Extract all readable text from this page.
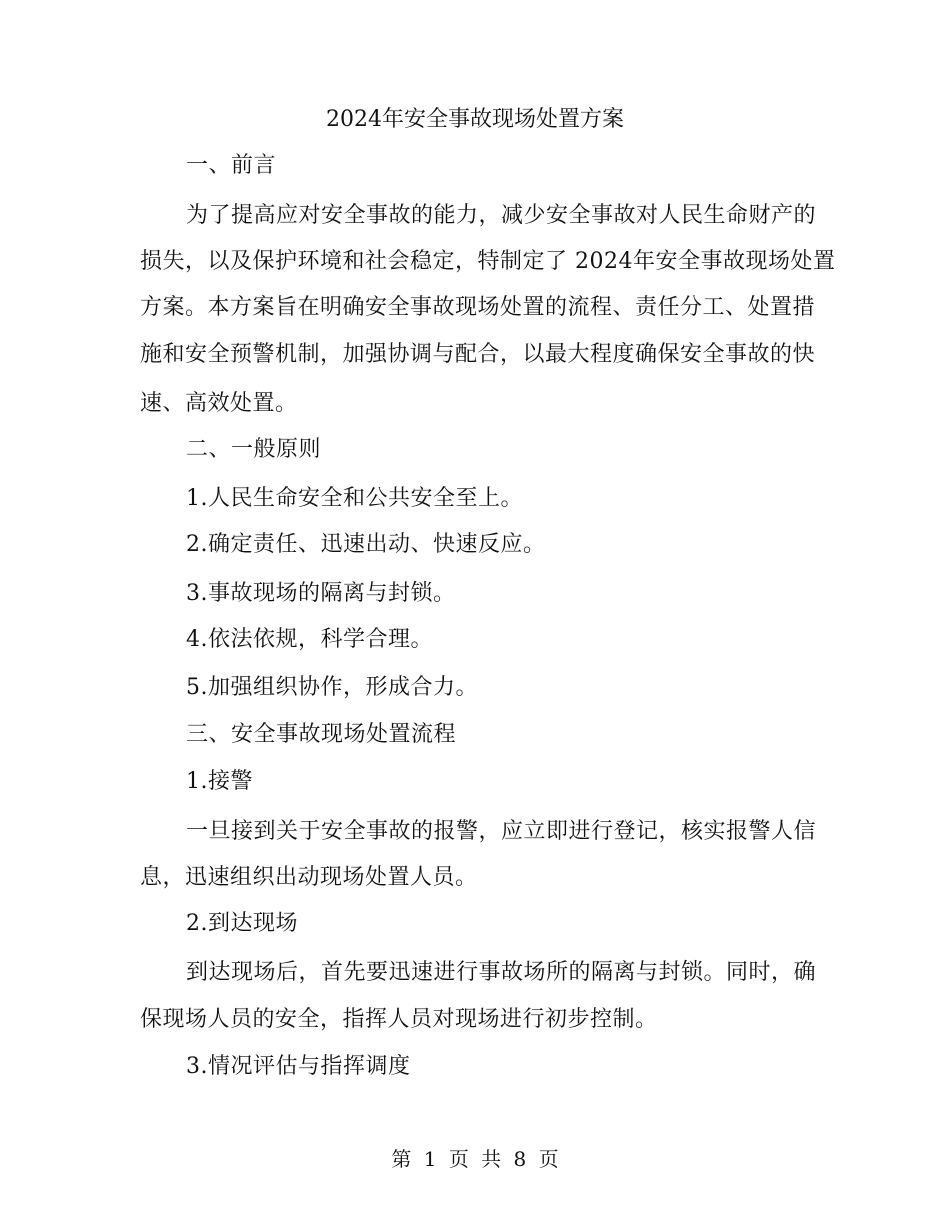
2024年安全事故现场处置方案

一、前言

为了提高应对安全事故的能力，减少安全事故对人民生命财产的

损失，以及保护环境和社会稳定，特制定了 2024年安全事故现场处置

方案。本方案旨在明确安全事故现场处置的流程、责任分工、处置措

施和安全预警机制，加强协调与配合，以最大程度确保安全事故的快

速、高效处置。

二、一般原则

1.人民生命安全和公共安全至上。

2.确定责任、迅速出动、快速反应。

3.事故现场的隔离与封锁。

4.依法依规，科学合理。

5.加强组织协作，形成合力。

三、安全事故现场处置流程

1.接警

一旦接到关于安全事故的报警，应立即进行登记，核实报警人信

息，迅速组织出动现场处置人员。

2.到达现场

到达现场后，首先要迅速进行事故场所的隔离与封锁。同时，确

保现场人员的安全，指挥人员对现场进行初步控制。

3.情况评估与指挥调度

第 1 页 共 8 页
